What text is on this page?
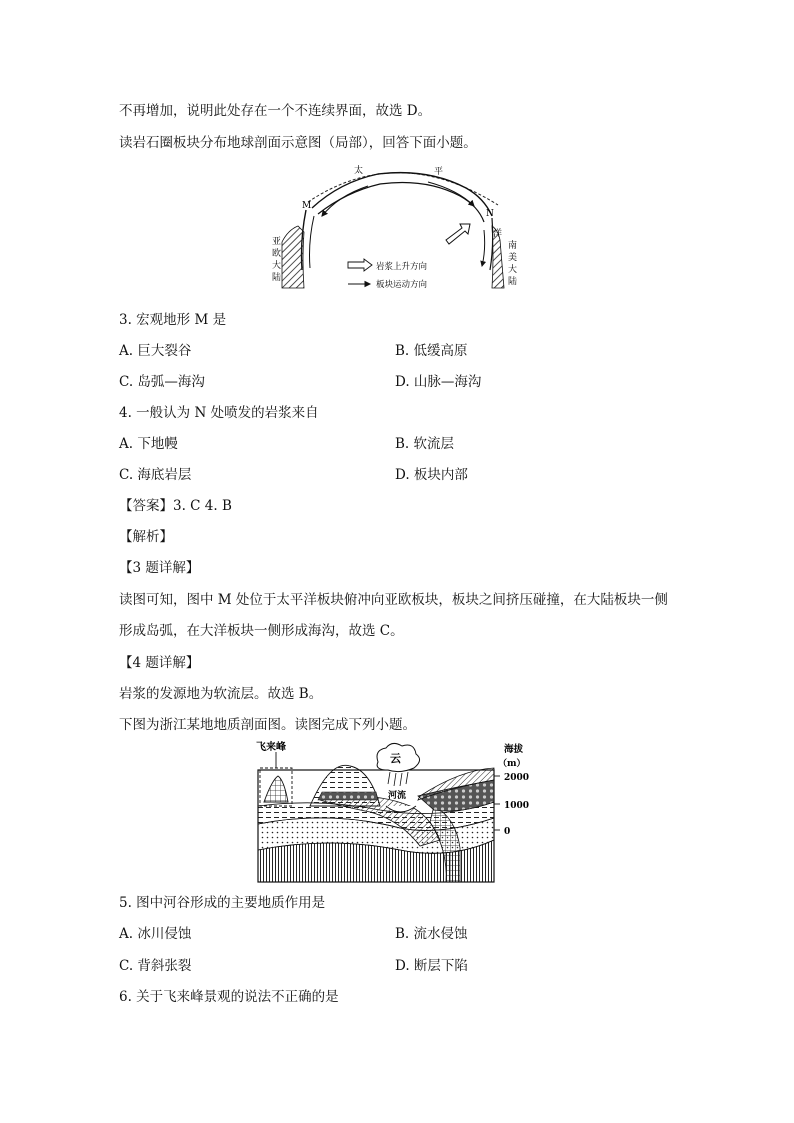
不再增加，说明此处存在一个不连续界面，故选 D。
读岩石圈板块分布地球剖面示意图（局部），回答下面小题。
太	平
洋
M
N
亚
欧
大
陆
南
美
大
陆
岩浆上升方向
板块运动方向
3. 宏观地形 M 是
A. 巨大裂谷	B. 低缓高原
C. 岛弧—海沟	D. 山脉—海沟
4. 一般认为 N 处喷发的岩浆来自
A. 下地幔	B. 软流层
C. 海底岩层	D. 板块内部
【答案】3. C 4. B
【解析】
【3 题详解】
读图可知，图中 M 处位于太平洋板块俯冲向亚欧板块，板块之间挤压碰撞，在大陆板块一侧
形成岛弧，在大洋板块一侧形成海沟，故选 C。
【4 题详解】
岩浆的发源地为软流层。故选 B。
下图为浙江某地地质剖面图。读图完成下列小题。
飞来峰
云
河流
海拔
（m）
2000
1000
0
5. 图中河谷形成的主要地质作用是
A. 冰川侵蚀	B. 流水侵蚀
C. 背斜张裂	D. 断层下陷
6. 关于飞来峰景观的说法不正确的是
